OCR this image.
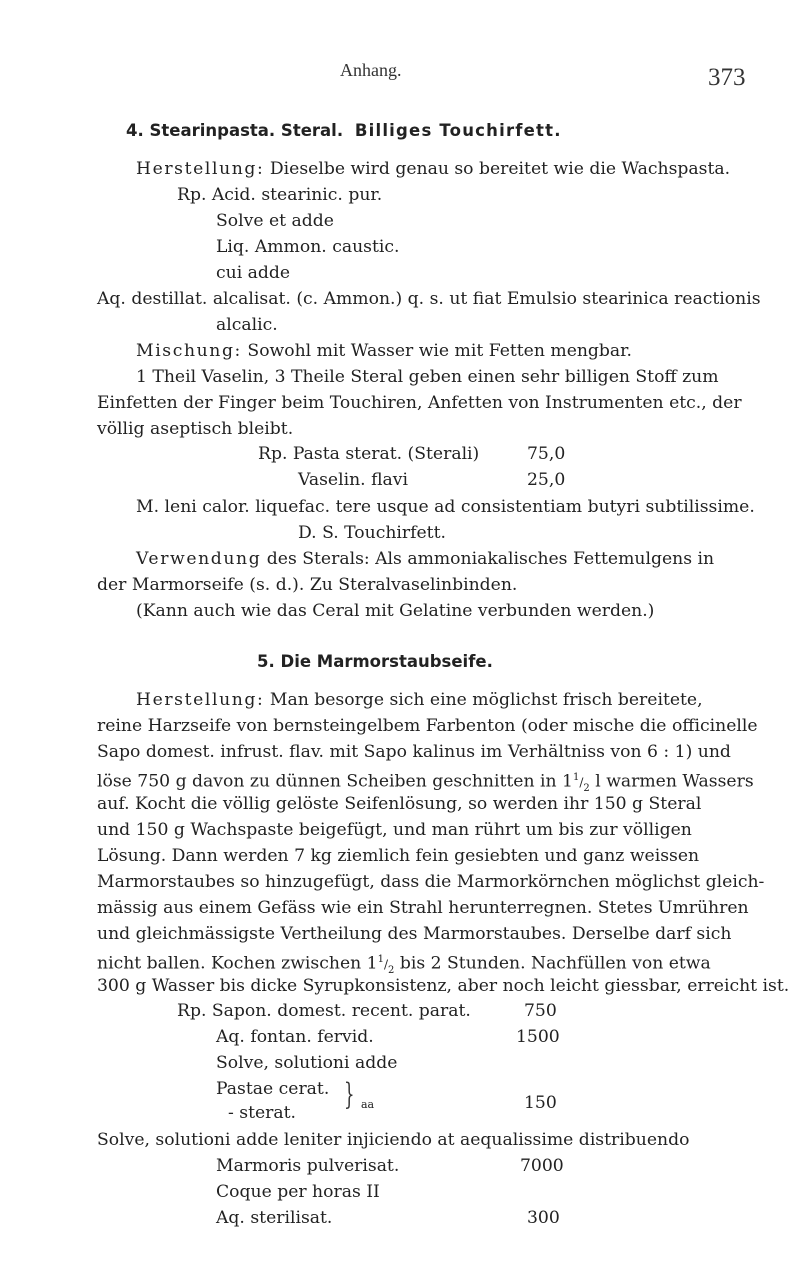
Anhang.	373
4. Stearinpasta. Steral. Billiges Touchirfett.
Herstellung: Dieselbe wird genau so bereitet wie die Wachspasta.
Rp. Acid. stearinic. pur.
Solve et adde
Liq. Ammon. caustic.
cui adde
Aq. destillat. alcalisat. (c. Ammon.) q. s. ut fiat Emulsio stearinica reactionis
alcalic.
Mischung: Sowohl mit Wasser wie mit Fetten mengbar.
1 Theil Vaselin, 3 Theile Steral geben einen sehr billigen Stoff zum
Einfetten der Finger beim Touchiren, Anfetten von Instrumenten etc., der
völlig aseptisch bleibt.
Rp. Pasta sterat. (Sterali)	75,0
Vaselin. flavi	25,0
M. leni calor. liquefac. tere usque ad consistentiam butyri subtilissime.
D. S. Touchirfett.
Verwendung des Sterals: Als ammoniakalisches Fettemulgens in
der Marmorseife (s. d.). Zu Steralvaselinbinden.
(Kann auch wie das Ceral mit Gelatine verbunden werden.)
5. Die Marmorstaubseife.
Herstellung: Man besorge sich eine möglichst frisch bereitete,
reine Harzseife von bernsteingelbem Farbenton (oder mische die officinelle
Sapo domest. infrust. flav. mit Sapo kalinus im Verhältniss von 6 : 1) und
löse 750 g davon zu dünnen Scheiben geschnitten in $1^1/_2$ l warmen Wassers
auf. Kocht die völlig gelöste Seifenlösung, so werden ihr 150 g Steral
und 150 g Wachspaste beigefügt, und man rührt um bis zur völligen
Lösung. Dann werden 7 kg ziemlich fein gesiebten und ganz weissen
Marmorstaubes so hinzugefügt, dass die Marmorkörnchen möglichst gleich-
mässig aus einem Gefäss wie ein Strahl herunterregnen. Stetes Umrühren
und gleichmässigste Vertheilung des Marmorstaubes. Derselbe darf sich
nicht ballen. Kochen zwischen $1^1/_2$ bis 2 Stunden. Nachfüllen von etwa
300 g Wasser bis dicke Syrupkonsistenz, aber noch leicht giessbar, erreicht ist.
Rp. Sapon. domest. recent. parat.	750
Aq. fontan. fervid.	1500
Solve, solutioni adde
Pastae cerat.
- sterat.
} aa	150
Solve, solutioni adde leniter injiciendo at aequalissime distribuendo
Marmoris pulverisat.	7000
Coque per horas II
Aq. sterilisat.	300
